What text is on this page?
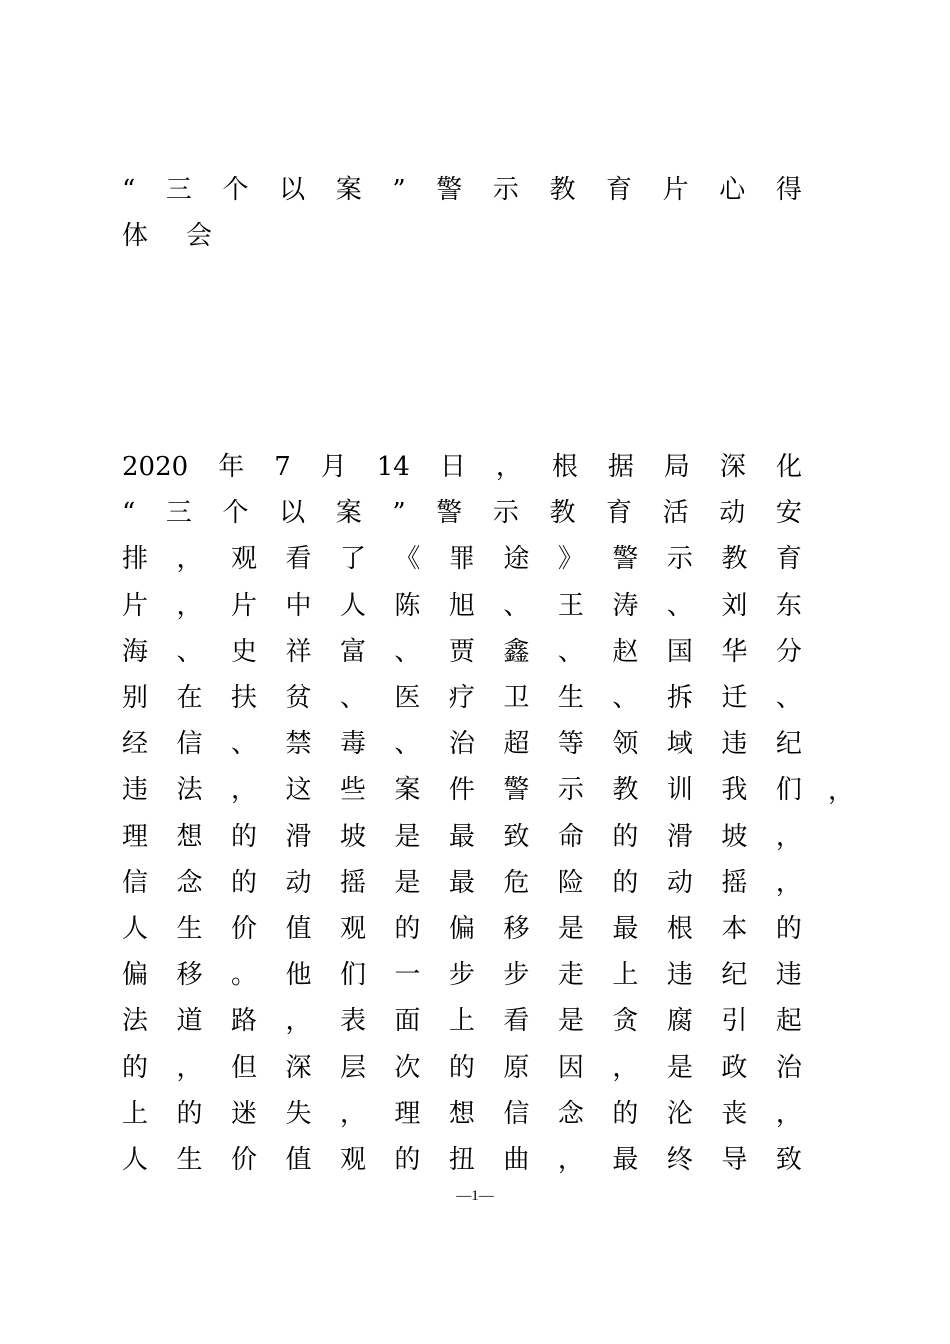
“ 三 个 以 案 ” 警 示 教 育 片 心 得
体 会
2020 年 7 月 14 日 ， 根 据 局 深 化
“ 三 个 以 案 ” 警 示 教 育 活 动 安
排 ， 观 看 了 《 罪 途 》 警 示 教 育
片 ， 片 中 人 陈 旭 、 王 涛 、 刘 东
海 、 史 祥 富 、 贾 鑫 、 赵 国 华 分
别 在 扶 贫 、 医 疗 卫 生 、 拆 迁 、
经 信 、 禁 毒 、 治 超 等 领 域 违 纪
违 法 ， 这 些 案 件 警 示 教 训 我 们
理 想 的 滑 坡 是 最 致 命 的 滑 坡 ，
信 念 的 动 摇 是 最 危 险 的 动 摇 ，
人 生 价 值 观 的 偏 移 是 最 根 本 的
偏 移 。 他 们 一 步 步 走 上 违 纪 违
法 道 路 ， 表 面 上 看 是 贪 腐 引 起
的 ， 但 深 层 次 的 原 因 ， 是 政 治
上 的 迷 失 ， 理 想 信 念 的 沦 丧 ，
人 生 价 值 观 的 扭 曲 ， 最 终 导 致
，
—1—
